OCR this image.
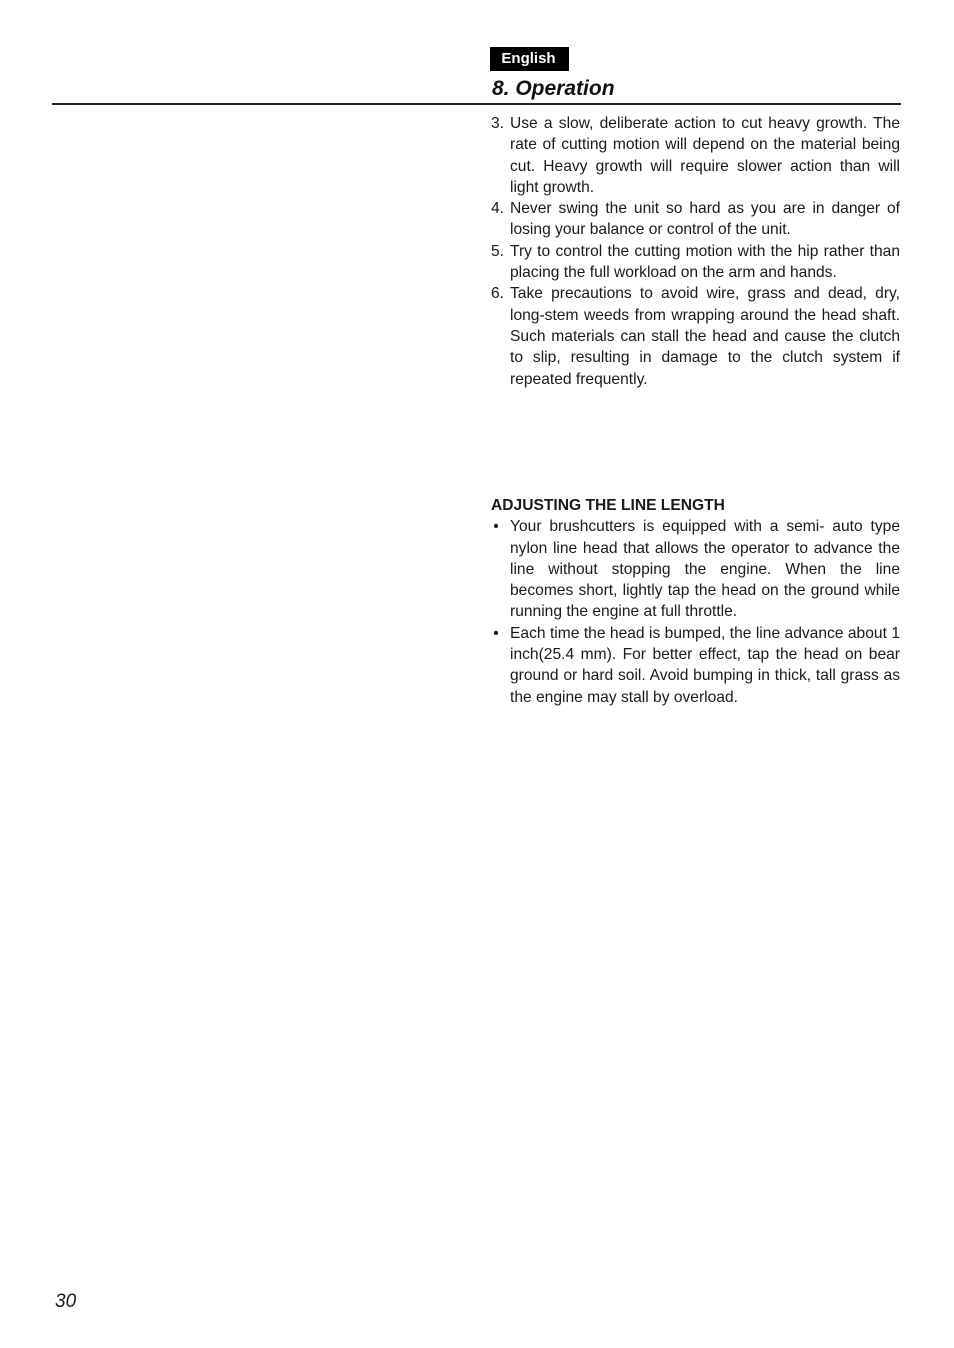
English
8. Operation
3. Use a slow, deliberate action to cut heavy growth. The rate of cutting motion will depend on the material being cut. Heavy growth will require slower action than will light growth.
4. Never swing the unit so hard as you are in danger of losing your balance or control of the unit.
5. Try to control the cutting motion with the hip rather than placing the full workload on the arm and hands.
6. Take precautions to avoid wire, grass and dead, dry, long-stem weeds from wrapping around the head shaft. Such materials can stall the head and cause the clutch to slip, resulting in damage to the clutch system if repeated frequently.
ADJUSTING THE LINE LENGTH
• Your brushcutters is equipped with a semi- auto type nylon line head that allows the operator to advance the line without stopping the engine. When the line becomes short, lightly tap the head on the ground while running the engine at full throttle.
• Each time the head is bumped, the line advance about 1 inch(25.4 mm). For better effect, tap the head on bear ground or hard soil. Avoid bumping in thick, tall grass as the engine may stall by overload.
30
